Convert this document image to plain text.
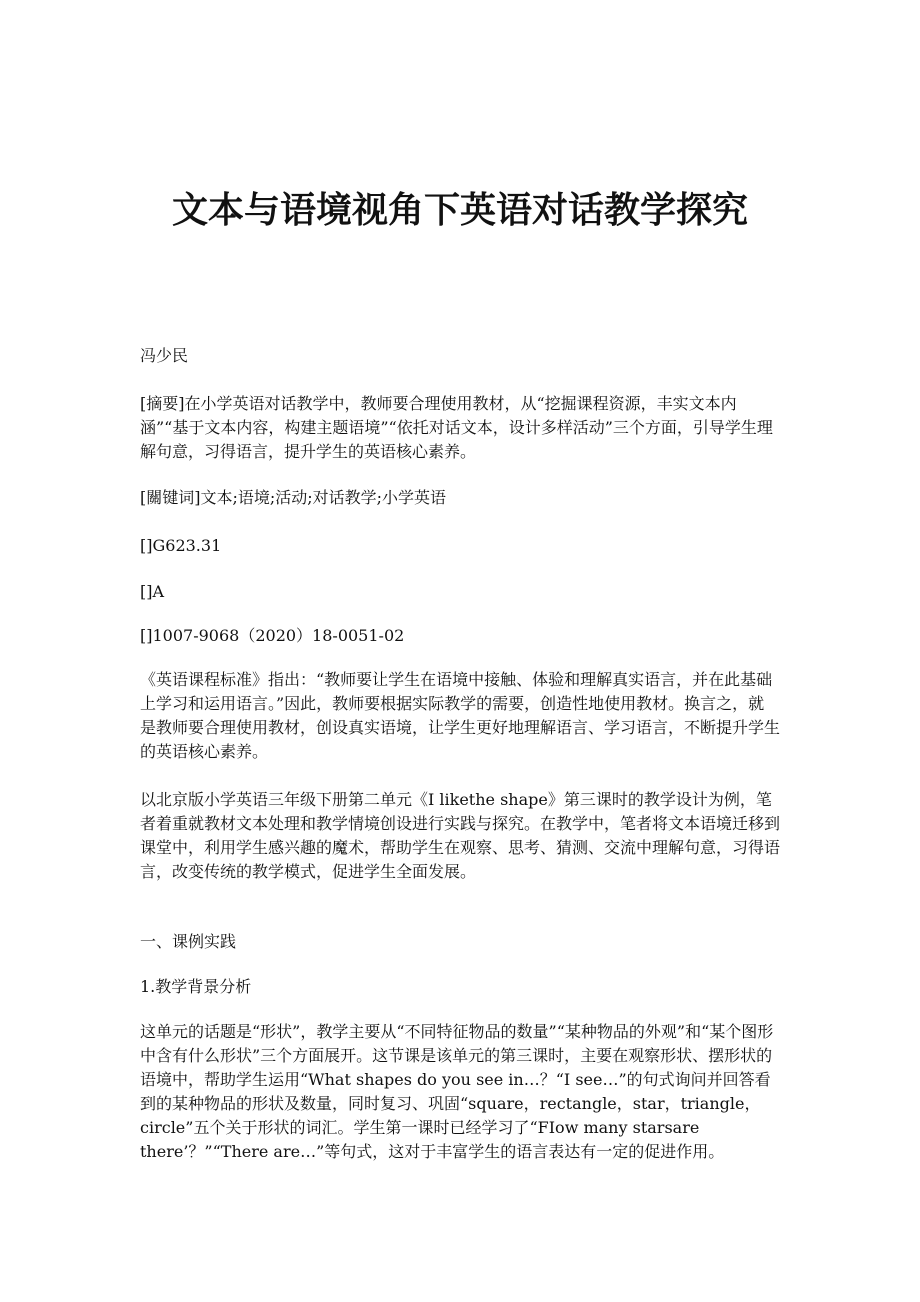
文本与语境视角下英语对话教学探究

冯少民

[摘要]在小学英语对话教学中，教师要合理使用教材，从“挖掘课程资源，丰实文本内涵”“基于文本内容，构建主题语境”“依托对话文本，设计多样活动”三个方面，引导学生理解句意，习得语言，提升学生的英语核心素养。

[關键词]文本;语境;活动;对话教学;小学英语

[]G623.31

[]A

[]1007-9068（2020）18-0051-02

《英语课程标准》指出：“教师要让学生在语境中接触、体验和理解真实语言，并在此基础上学习和运用语言。”因此，教师要根据实际教学的需要，创造性地使用教材。换言之，就是教师要合理使用教材，创设真实语境，让学生更好地理解语言、学习语言，不断提升学生的英语核心素养。

以北京版小学英语三年级下册第二单元《I likethe shape》第三课时的教学设计为例，笔者着重就教材文本处理和教学情境创设进行实践与探究。在教学中，笔者将文本语境迁移到课堂中，利用学生感兴趣的魔术，帮助学生在观察、思考、猜测、交流中理解句意，习得语言，改变传统的教学模式，促进学生全面发展。

一、课例实践

1.教学背景分析

这单元的话题是“形状”，教学主要从“不同特征物品的数量”“某种物品的外观”和“某个图形中含有什么形状”三个方面展开。这节课是该单元的第三课时，主要在观察形状、摆形状的语境中，帮助学生运用“What shapes do you see in…？“I see…”的句式询问并回答看到的某种物品的形状及数量，同时复习、巩固“square，rectangle，star，triangle，circle”五个关于形状的词汇。学生第一课时已经学习了“FIow many starsare there’？”“There are…”等句式，这对于丰富学生的语言表达有一定的促进作用。
